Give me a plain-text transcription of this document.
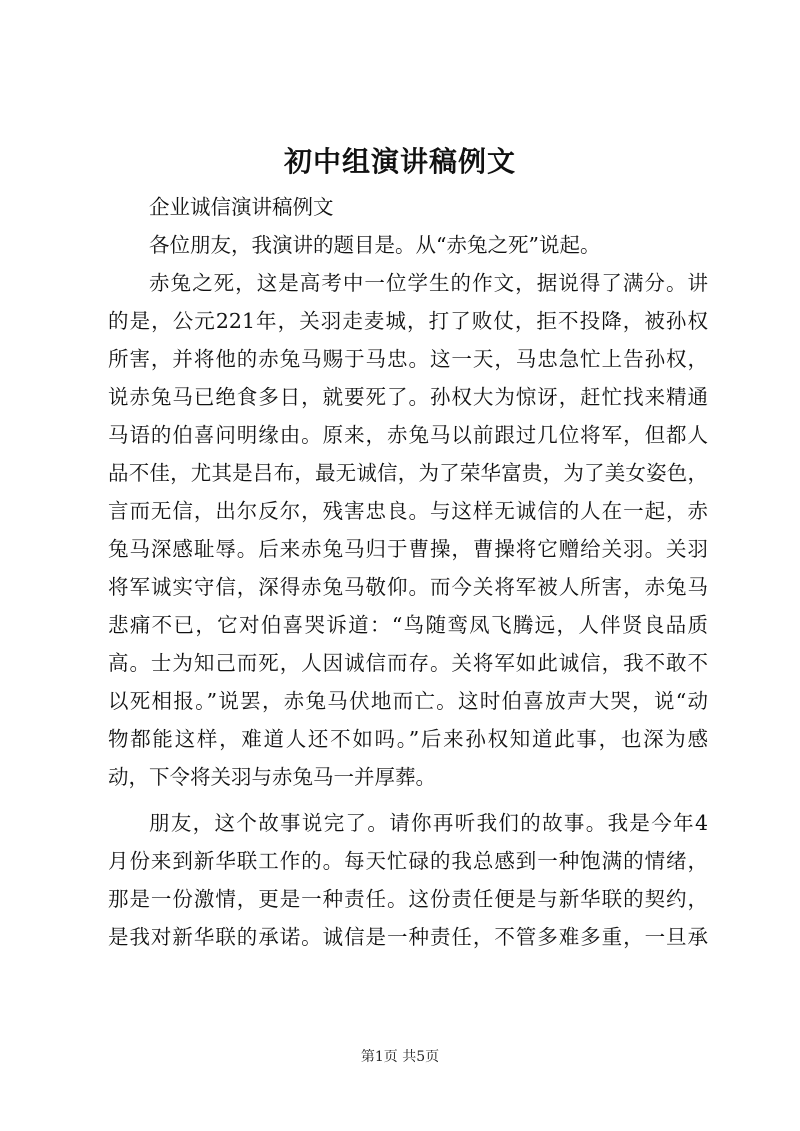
初中组演讲稿例文
企业诚信演讲稿例文
各位朋友，我演讲的题目是。从“赤兔之死”说起。
赤兔之死，这是高考中一位学生的作文，据说得了满分。讲
的是，公元221年，关羽走麦城，打了败仗，拒不投降，被孙权
所害，并将他的赤兔马赐于马忠。这一天，马忠急忙上告孙权，
说赤兔马已绝食多日，就要死了。孙权大为惊讶，赶忙找来精通
马语的伯喜问明缘由。原来，赤兔马以前跟过几位将军，但都人
品不佳，尤其是吕布，最无诚信，为了荣华富贵，为了美女姿色，
言而无信，出尔反尔，残害忠良。与这样无诚信的人在一起，赤
兔马深感耻辱。后来赤兔马归于曹操，曹操将它赠给关羽。关羽
将军诚实守信，深得赤兔马敬仰。而今关将军被人所害，赤兔马
悲痛不已，它对伯喜哭诉道：“鸟随鸾凤飞腾远，人伴贤良品质
高。士为知己而死，人因诚信而存。关将军如此诚信，我不敢不
以死相报。”说罢，赤兔马伏地而亡。这时伯喜放声大哭，说“动
物都能这样，难道人还不如吗。”后来孙权知道此事，也深为感
动，下令将关羽与赤兔马一并厚葬。
朋友，这个故事说完了。请你再听我们的故事。我是今年4
月份来到新华联工作的。每天忙碌的我总感到一种饱满的情绪，
那是一份激情，更是一种责任。这份责任便是与新华联的契约，
是我对新华联的承诺。诚信是一种责任，不管多难多重，一旦承
第1页 共5页
